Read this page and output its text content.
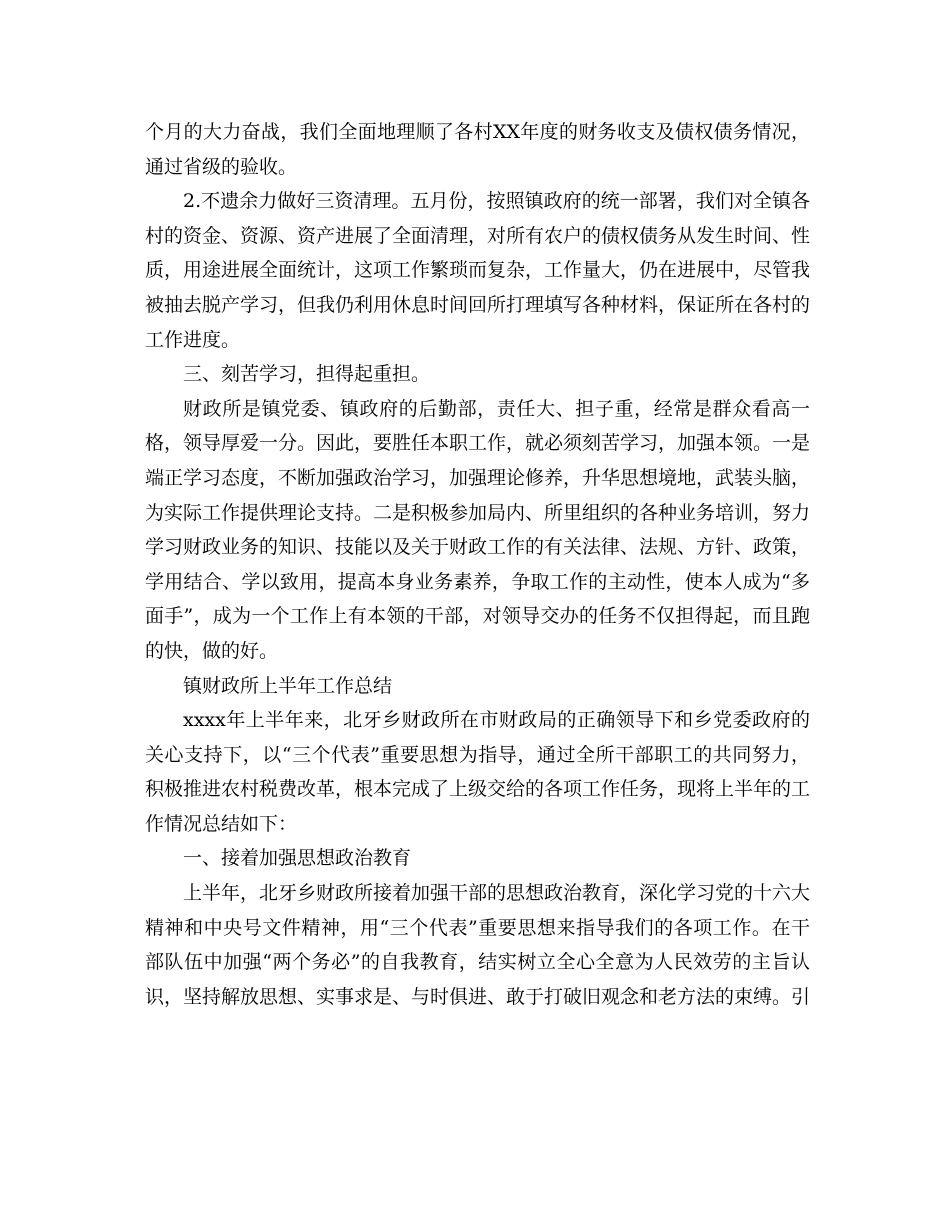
个月的大力奋战，我们全面地理顺了各村XX年度的财务收支及债权债务情况，通过省级的验收。

2.不遗余力做好三资清理。五月份，按照镇政府的统一部署，我们对全镇各村的资金、资源、资产进展了全面清理，对所有农户的债权债务从发生时间、性质，用途进展全面统计，这项工作繁琐而复杂，工作量大，仍在进展中，尽管我被抽去脱产学习，但我仍利用休息时间回所打理填写各种材料，保证所在各村的工作进度。

三、刻苦学习，担得起重担。

财政所是镇党委、镇政府的后勤部，责任大、担子重，经常是群众看高一格，领导厚爱一分。因此，要胜任本职工作，就必须刻苦学习，加强本领。一是端正学习态度，不断加强政治学习，加强理论修养，升华思想境地，武装头脑，为实际工作提供理论支持。二是积极参加局内、所里组织的各种业务培训，努力学习财政业务的知识、技能以及关于财政工作的有关法律、法规、方针、政策，学用结合、学以致用，提高本身业务素养，争取工作的主动性，使本人成为“多面手”，成为一个工作上有本领的干部，对领导交办的任务不仅担得起，而且跑的快，做的好。

镇财政所上半年工作总结

xxxx年上半年来，北牙乡财政所在市财政局的正确领导下和乡党委政府的关心支持下，以“三个代表”重要思想为指导，通过全所干部职工的共同努力，积极推进农村税费改革，根本完成了上级交给的各项工作任务，现将上半年的工作情况总结如下：

一、接着加强思想政治教育

上半年，北牙乡财政所接着加强干部的思想政治教育，深化学习党的十六大精神和中央号文件精神，用“三个代表”重要思想来指导我们的各项工作。在干部队伍中加强“两个务必”的自我教育，结实树立全心全意为人民效劳的主旨认识，坚持解放思想、实事求是、与时俱进、敢于打破旧观念和老方法的束缚。引
